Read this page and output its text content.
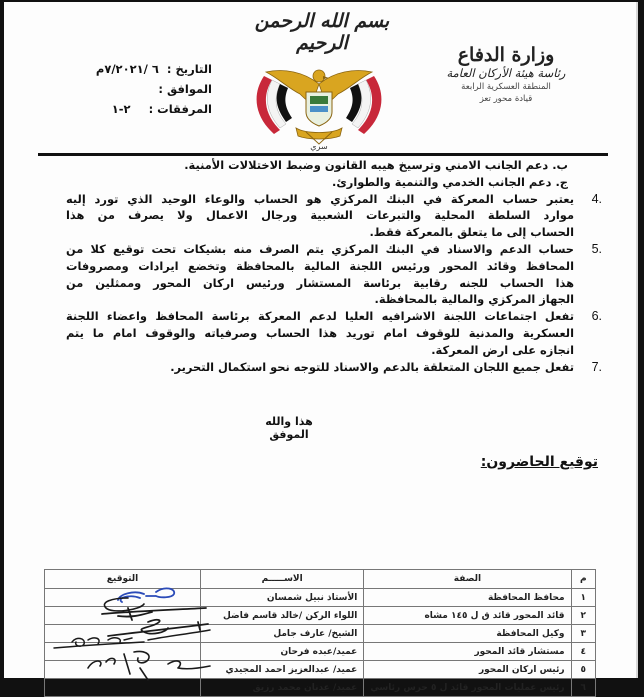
وزارة الدفاع
رئاسة هيئة الأركان العامة
المنطقة العسكرية الرابعة
قيادة محور تعز
بسم الله الرحمن الرحيم
سري
التاريخ : ٦ /٧/٢٠٢١م
الموافق :
المرفقات : ٢-١
ب. دعم الجانب الامني وترسيخ هيبه القانون وضبط الاختلالات الأمنية.
ج. دعم الجانب الخدمي والتنمية والطوارئ.
4.
يعتبر حساب المعركة في البنك المركزي هو الحساب والوعاء الوحيد الذي تورد إليه
موارد السلطة المحلية والتبرعات الشعبية ورجال الاعمال ولا يصرف من هذا
الحساب إلى ما يتعلق بالمعركة فقط.
5.
حساب الدعم والاسناد في البنك المركزي يتم الصرف منه بشيكات تحت توقيع كلا من
المحافظ وقائد المحور ورئيس اللجنة المالية بالمحافظة وتخضع ايرادات ومصروفات
هذا الحساب للجنه رقابية برئاسة المستشار ورئيس اركان المحور وممثلين من
الجهاز المركزي والمالية بالمحافظة.
6.
تفعل اجتماعات اللجنة الاشرافيه العليا لدعم المعركة برئاسة المحافظ واعضاء اللجنة
العسكرية والمدنية للوقوف امام توريد هذا الحساب وصرفياته والوقوف امام ما يتم
انجازه على ارض المعركة.
7.
تفعل جميع اللجان المتعلقة بالدعم والاسناد للتوجه نحو استكمال التحرير.
هذا والله الموفق
توقيع الحاضرون:
م	الصفة	الاســـــم	التوقيع
١	محافظ المحافظة	الأستاذ نبيل شمسان	
٢	قائد المحور قائد ق ل ١٤٥ مشاه	اللواء الركن /خالد قاسم فاضل	
٣	وكيل المحافظة	الشيخ/ عارف جامل	
٤	مستشار قائد المحور	عميد/عبده فرحان	
٥	رئيس اركان المحور	عميد/ عبدالعزيز احمد المجيدي	
٦	رئيس عمليات المحور قائد ل ٥ حرس رئاسي	عميد/ عدنان محمد رزيق	
